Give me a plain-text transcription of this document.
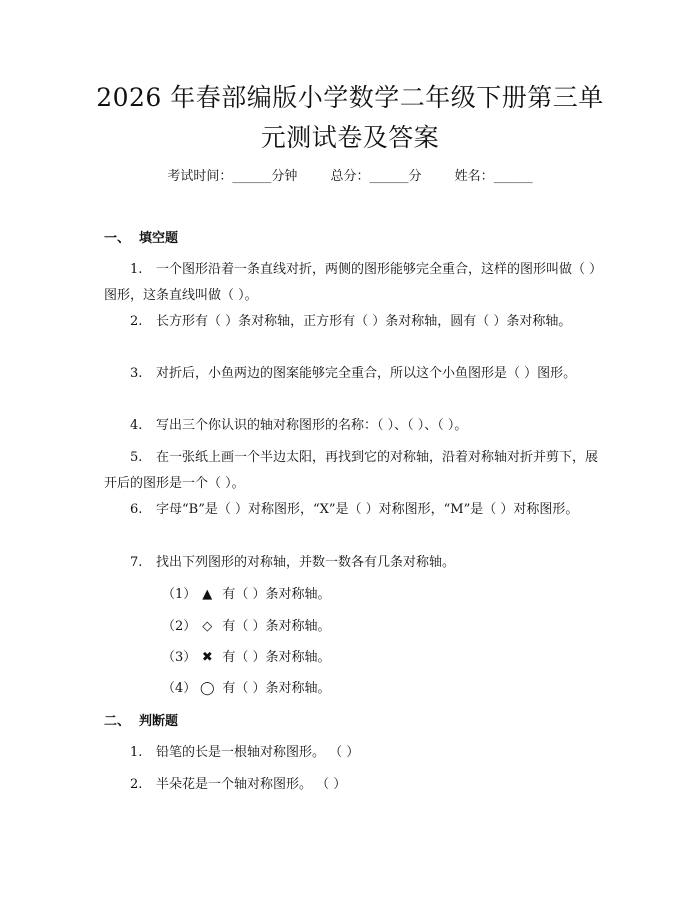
2026 年春部编版小学数学二年级下册第三单
元测试卷及答案
考试时间：______分钟	总分：______分	姓名：______
一、  填空题
1. 一个图形沿着一条直线对折，两侧的图形能够完全重合，这样的图形叫做（ ）图形，这条直线叫做（ ）。
2. 长方形有（ ）条对称轴，正方形有（ ）条对称轴，圆有（ ）条对称轴。
3. 对折后，小鱼两边的图案能够完全重合，所以这个小鱼图形是（ ）图形。
4. 写出三个你认识的轴对称图形的名称：（ ）、（ ）、（ ）。
5. 在一张纸上画一个半边太阳，再找到它的对称轴，沿着对称轴对折并剪下，展开后的图形是一个（ ）。
6. 字母“B”是（ ）对称图形，“X”是（ ）对称图形，“M”是（ ）对称图形。
7. 找出下列图形的对称轴，并数一数各有几条对称轴。
（1） ▲ 有（ ）条对称轴。
（2） ◇ 有（ ）条对称轴。
（3） ✖ 有（ ）条对称轴。
（4） ◯ 有（ ）条对称轴。
二、  判断题
1. 铅笔的长是一根轴对称图形。 （ ）
2. 半朵花是一个轴对称图形。 （ ）
